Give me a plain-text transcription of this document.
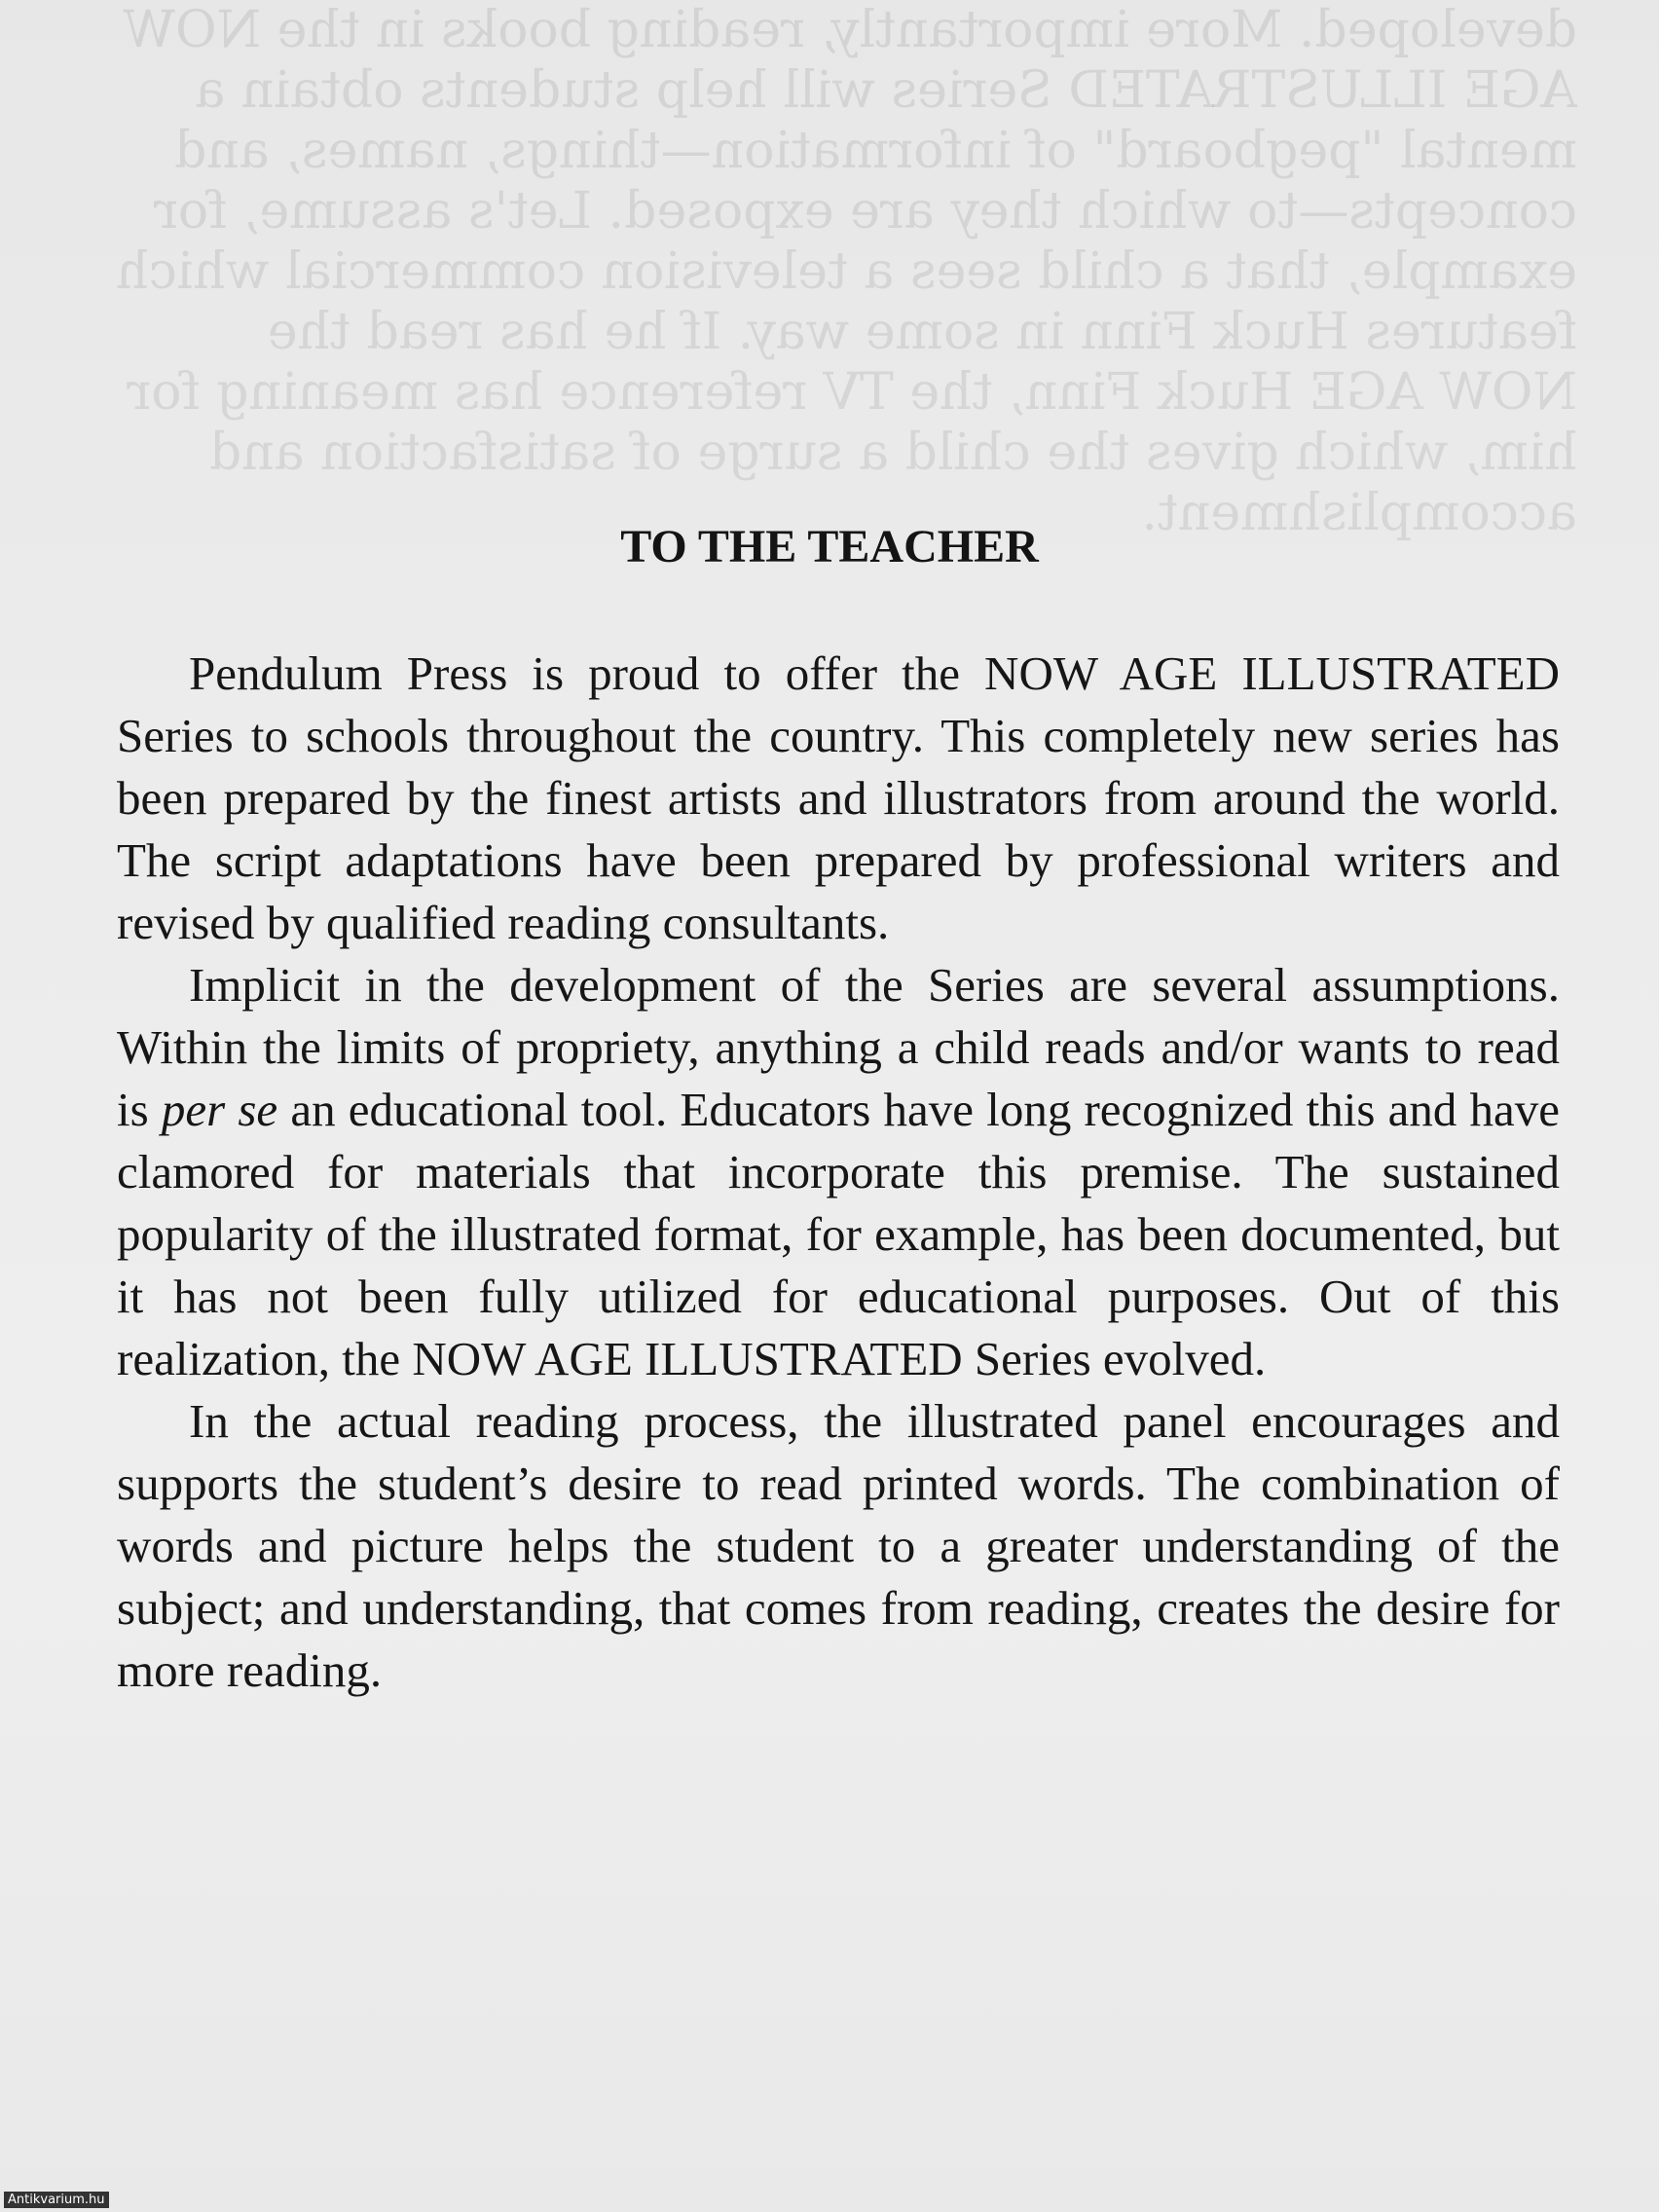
developed. More importantly, reading books in the NOW
AGE ILLUSTRATED Series will help students obtain a
mental "pegboard" of information—things, names, and
concepts—to which they are exposed. Let's assume, for
example, that a child sees a television commercial which
features Huck Finn in some way. If he has read the
NOW AGE Huck Finn, the TV reference has meaning for
him, which gives the child a surge of satisfaction and
accomplishment.
TO THE TEACHER

Pendulum Press is proud to offer the NOW AGE ILLUSTRATED Series to schools throughout the country. This completely new series has been prepared by the finest artists and illustrators from around the world. The script adaptations have been prepared by professional writers and revised by qualified reading consultants.

Implicit in the development of the Series are several assumptions. Within the limits of propriety, anything a child reads and/or wants to read is per se an educational tool. Educators have long recognized this and have clamored for materials that incorporate this premise. The sustained popularity of the illustrated format, for example, has been documented, but it has not been fully utilized for educational purposes. Out of this realization, the NOW AGE ILLUSTRATED Series evolved.

In the actual reading process, the illustrated panel encourages and supports the student’s desire to read printed words. The combination of words and picture helps the student to a greater understanding of the subject; and understanding, that comes from reading, creates the desire for more reading.

Antikvarium.hu
